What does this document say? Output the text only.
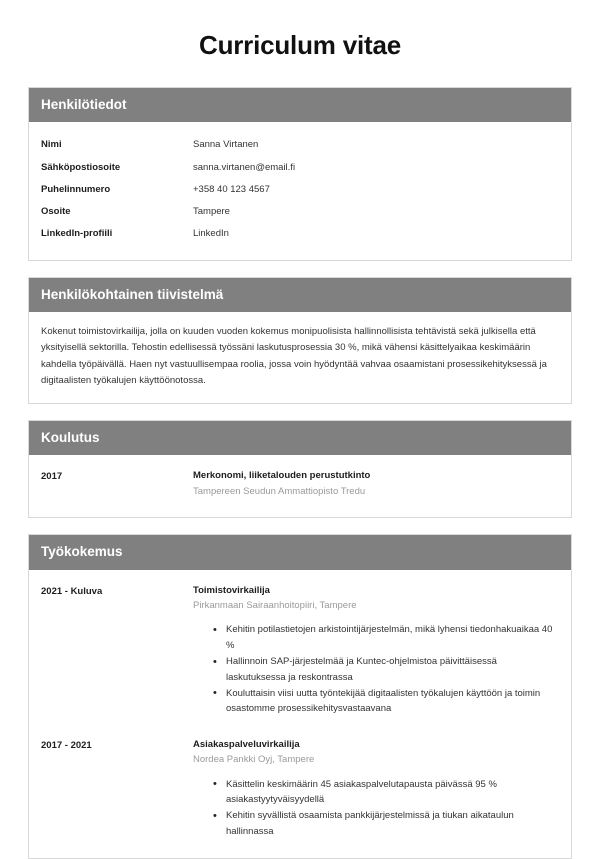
Curriculum vitae
Henkilötiedot
Nimi	Sanna Virtanen
Sähköpostiosoite	sanna.virtanen@email.fi
Puhelinnumero	+358 40 123 4567
Osoite	Tampere
LinkedIn-profiili	LinkedIn
Henkilökohtainen tiivistelmä

Kokenut toimistovirkailija, jolla on kuuden vuoden kokemus monipuolisista hallinnollisista tehtävistä sekä julkisella että yksityisellä sektorilla. Tehostin edellisessä työssäni laskutusprosessia 30 %, mikä vähensi käsittelyaikaa keskimäärin kahdella työpäivällä. Haen nyt vastuullisempaa roolia, jossa voin hyödyntää vahvaa osaamistani prosessikehityksessä ja digitaalisten työkalujen käyttöönotossa.

Koulutus
2017	Merkonomi, liiketalouden perustutkinto
Tampereen Seudun Ammattiopisto Tredu
Työkokemus
2021 - Kuluva	Toimistovirkailija
Pirkanmaan Sairaanhoitopiiri, Tampere
• Kehitin potilastietojen arkistointijärjestelmän, mikä lyhensi tiedonhakuaikaa 40 %
• Hallinnoin SAP-järjestelmää ja Kuntec-ohjelmistoa päivittäisessä laskutuksessa ja reskontrassa
• Kouluttaisin viisi uutta työntekijää digitaalisten työkalujen käyttöön ja toimin osastomme prosessikehitysvastaavana
2017 - 2021	Asiakaspalveluvirkailija
Nordea Pankki Oyj, Tampere
• Käsittelin keskimäärin 45 asiakaspalvelutapausta päivässä 95 % asiakastyytyväisyydellä
• Kehitin syvällistä osaamista pankkijärjestelmissä ja tiukan aikataulun hallinnassa
